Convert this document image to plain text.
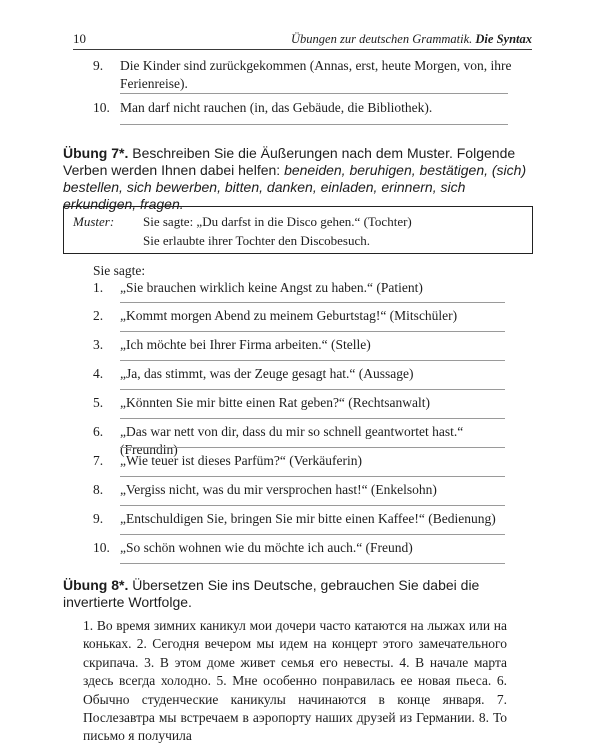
10	Übungen zur deutschen Grammatik. Die Syntax
9.	Die Kinder sind zurückgekommen (Annas, erst, heute Morgen, von, ihre Ferienreise).
10. Man darf nicht rauchen (in, das Gebäude, die Bibliothek).
Übung 7*. Beschreiben Sie die Äußerungen nach dem Muster. Folgende Verben werden Ihnen dabei helfen: beneiden, beruhigen, bestätigen, (sich) bestellen, sich bewerben, bitten, danken, einladen, erinnern, sich erkundigen, fragen.
Muster: Sie sagte: „Du darfst in die Disco gehen.“ (Tochter)
Sie erlaubte ihrer Tochter den Discobesuch.
Sie sagte:
1.	„Sie brauchen wirklich keine Angst zu haben.“ (Patient)
2.	„Kommt morgen Abend zu meinem Geburtstag!“ (Mitschüler)
3.	„Ich möchte bei Ihrer Firma arbeiten.“ (Stelle)
4.	„Ja, das stimmt, was der Zeuge gesagt hat.“ (Aussage)
5.	„Könnten Sie mir bitte einen Rat geben?“ (Rechtsanwalt)
6.	„Das war nett von dir, dass du mir so schnell geantwortet hast.“ (Freundin)
7.	„Wie teuer ist dieses Parfüm?“ (Verkäuferin)
8.	„Vergiss nicht, was du mir versprochen hast!“ (Enkelsohn)
9.	„Entschuldigen Sie, bringen Sie mir bitte einen Kaffee!“ (Bedienung)
10. „So schön wohnen wie du möchte ich auch.“ (Freund)
Übung 8*. Übersetzen Sie ins Deutsche, gebrauchen Sie dabei die invertierte Wortfolge.
1. Во время зимних каникул мои дочери часто катаются на лыжах или на коньках. 2. Сегодня вечером мы идем на концерт этого замечательного скрипача. 3. В этом доме живет семья его невесты. 4. В начале марта здесь всегда холодно. 5. Мне особенно понравилась ее новая пьеса. 6. Обычно студенческие каникулы начинаются в конце января. 7. Послезавтра мы встречаем в аэропорту наших друзей из Германии. 8. То письмо я получила
